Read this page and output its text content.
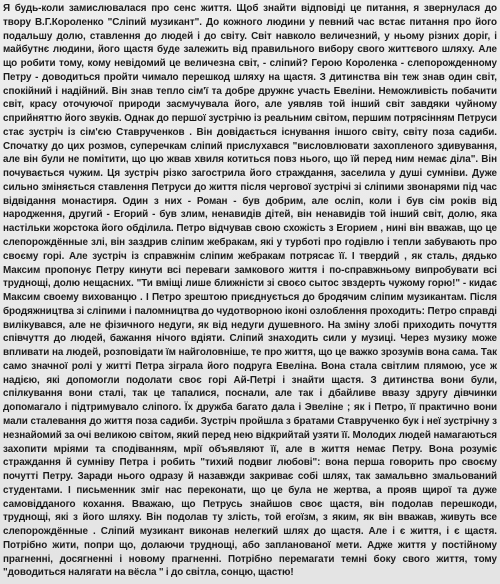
Я будь-коли замислювалася про сенс життя. Щоб знайти відповіді це питання, я звернулася до твору В.Г.Короленко "Сліпий музикант". До кожного людини у певний час встає питання про його подальшу долю, ставлення до людей і до світу. Світ навколо величезний, у ньому різних доріг, і майбутнє людини, його щастя буде залежить від правильного вибору свого життєвого шляху. Але що робити тому, кому невідомий це величезна світ, - сліпий? Герою Короленка - слепорожденному Петру - доводиться пройти чимало перешкод шляху на щастя. З дитинства він теж знав один світ, спокійний і надійний. Він знав тепло сім'ї та добре дружнє участь Евеліни. Неможливість побачити світ, красу оточуючої природи засмучувала його, але уявляв той інший світ завдяки чуйному сприйняттю його звуків. Однак до першої зустрічю із реальним світом, першим потрясінням Петруси стає зустріч із сім'єю Ставрученков . Він довідається існування іншого світу, світу поза садиби. Спочатку до цих розмов, суперечкам сліпий прислухався "висловлювати захопленого здивування, але він були не помітити, що цю жвав хвиля котиться повз нього, що їй перед ним немає діла". Він почувається чужим. Ця зустріч різко загострила його страждання, заселила у душі сумніви. Дуже сильно зміняється ставлення Петруси до життя після чергової зустрічі зі сліпими звонарями під час відвідання монастиря. Один з них - Роман - був добрим, але осліп, коли і був сім років від народження, другий - Егорий - був злим, ненавидів дітей, він ненавидів той інший світ, долю, яка настільки жорстока його обділила. Петро відчував свою схожість з Егорием , нині він вважав, що це слепорождённые злі, він заздрив сліпим жебракам, які у турботі про годівлю і тепли забувають про своєму горі. Але зустріч із справжнім сліпим жебракам потрясає її. І твердий , як сталь, дядько Максим пропонує Петру кинути всі переваги замкового життя і по-справжньому випробувати всі труднощі, долю нещасних. "Ти вміщі лише ближністи зі своєо сытос звздерть чужому горю!" - кидає Максим своему вихованцю . І Петро зрештою приєднується до бродячим сліпим музикантам. Після бродяжництва зі сліпими і паломництва до чудотворною іконі озлоблення проходить: Петро справді вилікувався, але не фізичного недуги, як від недуги душевного. На зміну злобі приходить почуття співчуття до людей, бажання нічого вдіяти. Сліпий знаходить сили у музиці. Через музику може впливати на людей, розповідати їм найголовніше, те про життя, що це важко зрозумів вона сама. Так само значної ролі у житті Петра зіграла його подруга Евеліна. Вона стала світлим плямою, усе ж надією, які допомогли подолати своє горі Ай-Петрі і знайти щастя. З дитинства вони були, спілкування вони сталі, так це тапалися, поснали, але так і дбайливе ввазу здругу дівчинки допомагало і підтримувало сліпого. Їх дружба багато дала і Эвеліне ; як і Петро, її практично вони мали сталевання до життя поза садиби. Зустріч пройшла з братами Ставрученко бук і неї зустрічну з незнайомий за очі великою світом, який перед нею відкрийтай узяти її. Молодих людей намагаються захопити мріями та сподіванням, мрії объявляют її, але в життя немає Петру. Вона розуміє страждання й сумнiву Петра і робить "тихий подвиг любові": вона перша говорить про своєму почутті Петру. Заради нього одразу й назавжди закриває собі шлях, так замальвно змальований студентами. І письменник зміг нас переконати, що це була не жертва, а прояв щирої та дуже самовідданого кохання. Вважаю, що Петрусь знайшов своє щастя, він подолав перешкоди, труднощі, які з його шляху. Він подолав ту злість, той егоїзм, з яким, як він вважав, живуть все слепорождённые . Сліпий музикант виконав нелегкий шлях до щастя. Але і є життя, і є щастя. Потрібно жити, попри що, долаючи труднощі, або запланованої мети. Адже життя у постійному прагненні, досягненні і новому прагненні. Потрібно перемагати темні боку свого життя, тому "доводиться налягати на вёсла " і до світла, сонцю, щастю!
